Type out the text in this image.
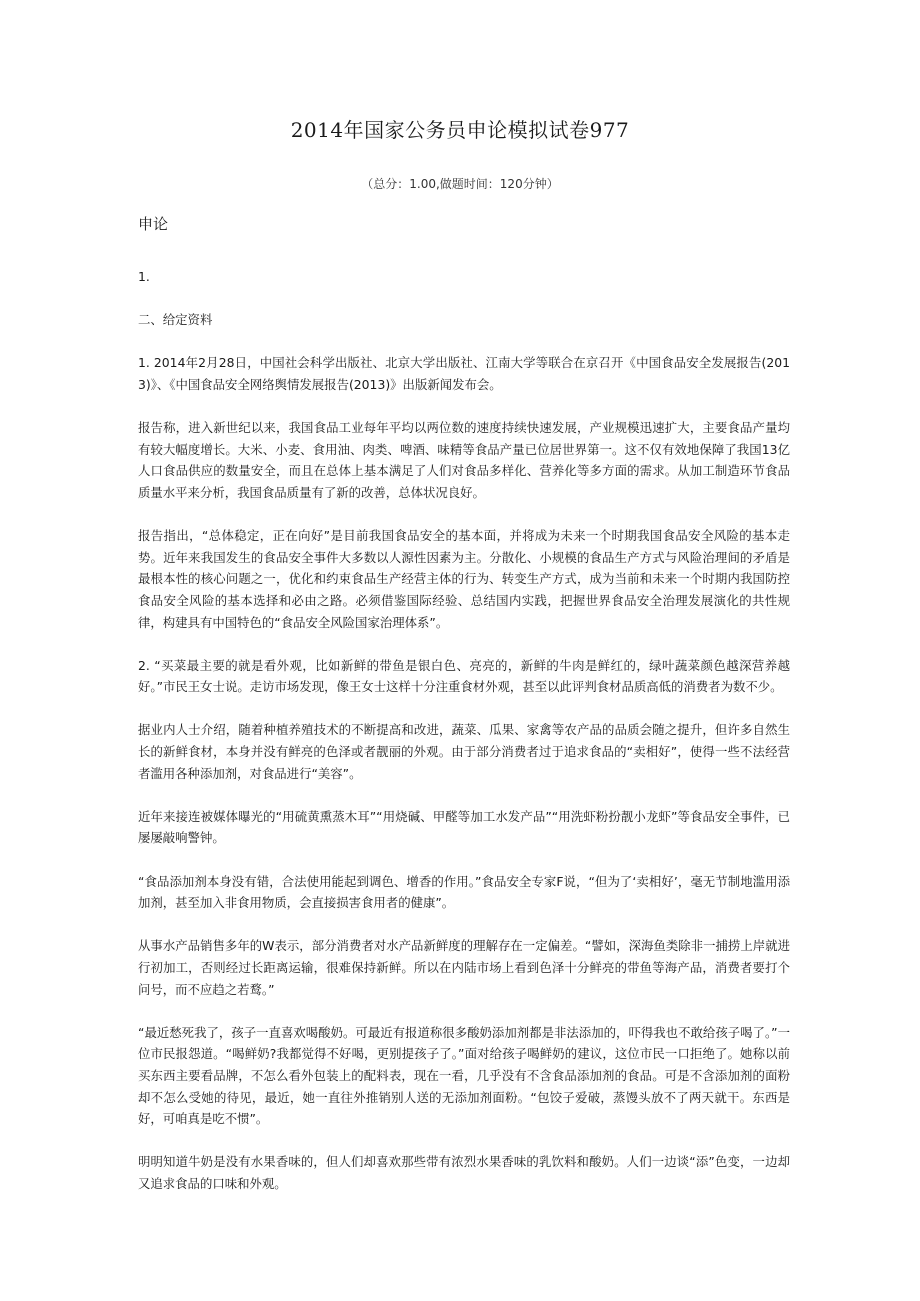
2014年国家公务员申论模拟试卷977
（总分：1.00,做题时间：120分钟）
申论

1.

二、给定资料

1. 2014年2月28日，中国社会科学出版社、北京大学出版社、江南大学等联合在京召开《中国食品安全发展报告(2013)》、《中国食品安全网络舆情发展报告(2013)》出版新闻发布会。

报告称，进入新世纪以来，我国食品工业每年平均以两位数的速度持续快速发展，产业规模迅速扩大，主要食品产量均有较大幅度增长。大米、小麦、食用油、肉类、啤酒、味精等食品产量已位居世界第一。这不仅有效地保障了我国13亿人口食品供应的数量安全，而且在总体上基本满足了人们对食品多样化、营养化等多方面的需求。从加工制造环节食品质量水平来分析，我国食品质量有了新的改善，总体状况良好。

报告指出，“总体稳定，正在向好”是目前我国食品安全的基本面，并将成为未来一个时期我国食品安全风险的基本走势。近年来我国发生的食品安全事件大多数以人源性因素为主。分散化、小规模的食品生产方式与风险治理间的矛盾是最根本性的核心问题之一，优化和约束食品生产经营主体的行为、转变生产方式，成为当前和未来一个时期内我国防控食品安全风险的基本选择和必由之路。必须借鉴国际经验、总结国内实践，把握世界食品安全治理发展演化的共性规律，构建具有中国特色的“食品安全风险国家治理体系”。

2. “买菜最主要的就是看外观，比如新鲜的带鱼是银白色、亮亮的，新鲜的牛肉是鲜红的，绿叶蔬菜颜色越深营养越好。”市民王女士说。走访市场发现，像王女士这样十分注重食材外观，甚至以此评判食材品质高低的消费者为数不少。

据业内人士介绍，随着种植养殖技术的不断提高和改进，蔬菜、瓜果、家禽等农产品的品质会随之提升，但许多自然生长的新鲜食材，本身并没有鲜亮的色泽或者靓丽的外观。由于部分消费者过于追求食品的“卖相好”，使得一些不法经营者滥用各种添加剂，对食品进行“美容”。

近年来接连被媒体曝光的“用硫黄熏蒸木耳”“用烧碱、甲醛等加工水发产品”“用洗虾粉扮靓小龙虾”等食品安全事件，已屡屡敲响警钟。

“食品添加剂本身没有错，合法使用能起到调色、增香的作用。”食品安全专家F说，“但为了‘卖相好’，毫无节制地滥用添加剂，甚至加入非食用物质，会直接损害食用者的健康”。

从事水产品销售多年的W表示，部分消费者对水产品新鲜度的理解存在一定偏差。“譬如，深海鱼类除非一捕捞上岸就进行初加工，否则经过长距离运输，很难保持新鲜。所以在内陆市场上看到色泽十分鲜亮的带鱼等海产品，消费者要打个问号，而不应趋之若鹜。”

“最近愁死我了，孩子一直喜欢喝酸奶。可最近有报道称很多酸奶添加剂都是非法添加的，吓得我也不敢给孩子喝了。”一位市民报怨道。“喝鲜奶?我都觉得不好喝，更别提孩子了。”面对给孩子喝鲜奶的建议，这位市民一口拒绝了。她称以前买东西主要看品牌，不怎么看外包装上的配料表，现在一看，几乎没有不含食品添加剂的食品。可是不含添加剂的面粉却不怎么受她的待见，最近，她一直往外推销别人送的无添加剂面粉。“包饺子爱破，蒸馒头放不了两天就干。东西是好，可咱真是吃不惯”。

明明知道牛奶是没有水果香味的，但人们却喜欢那些带有浓烈水果香味的乳饮料和酸奶。人们一边谈“添”色变，一边却又追求食品的口味和外观。
